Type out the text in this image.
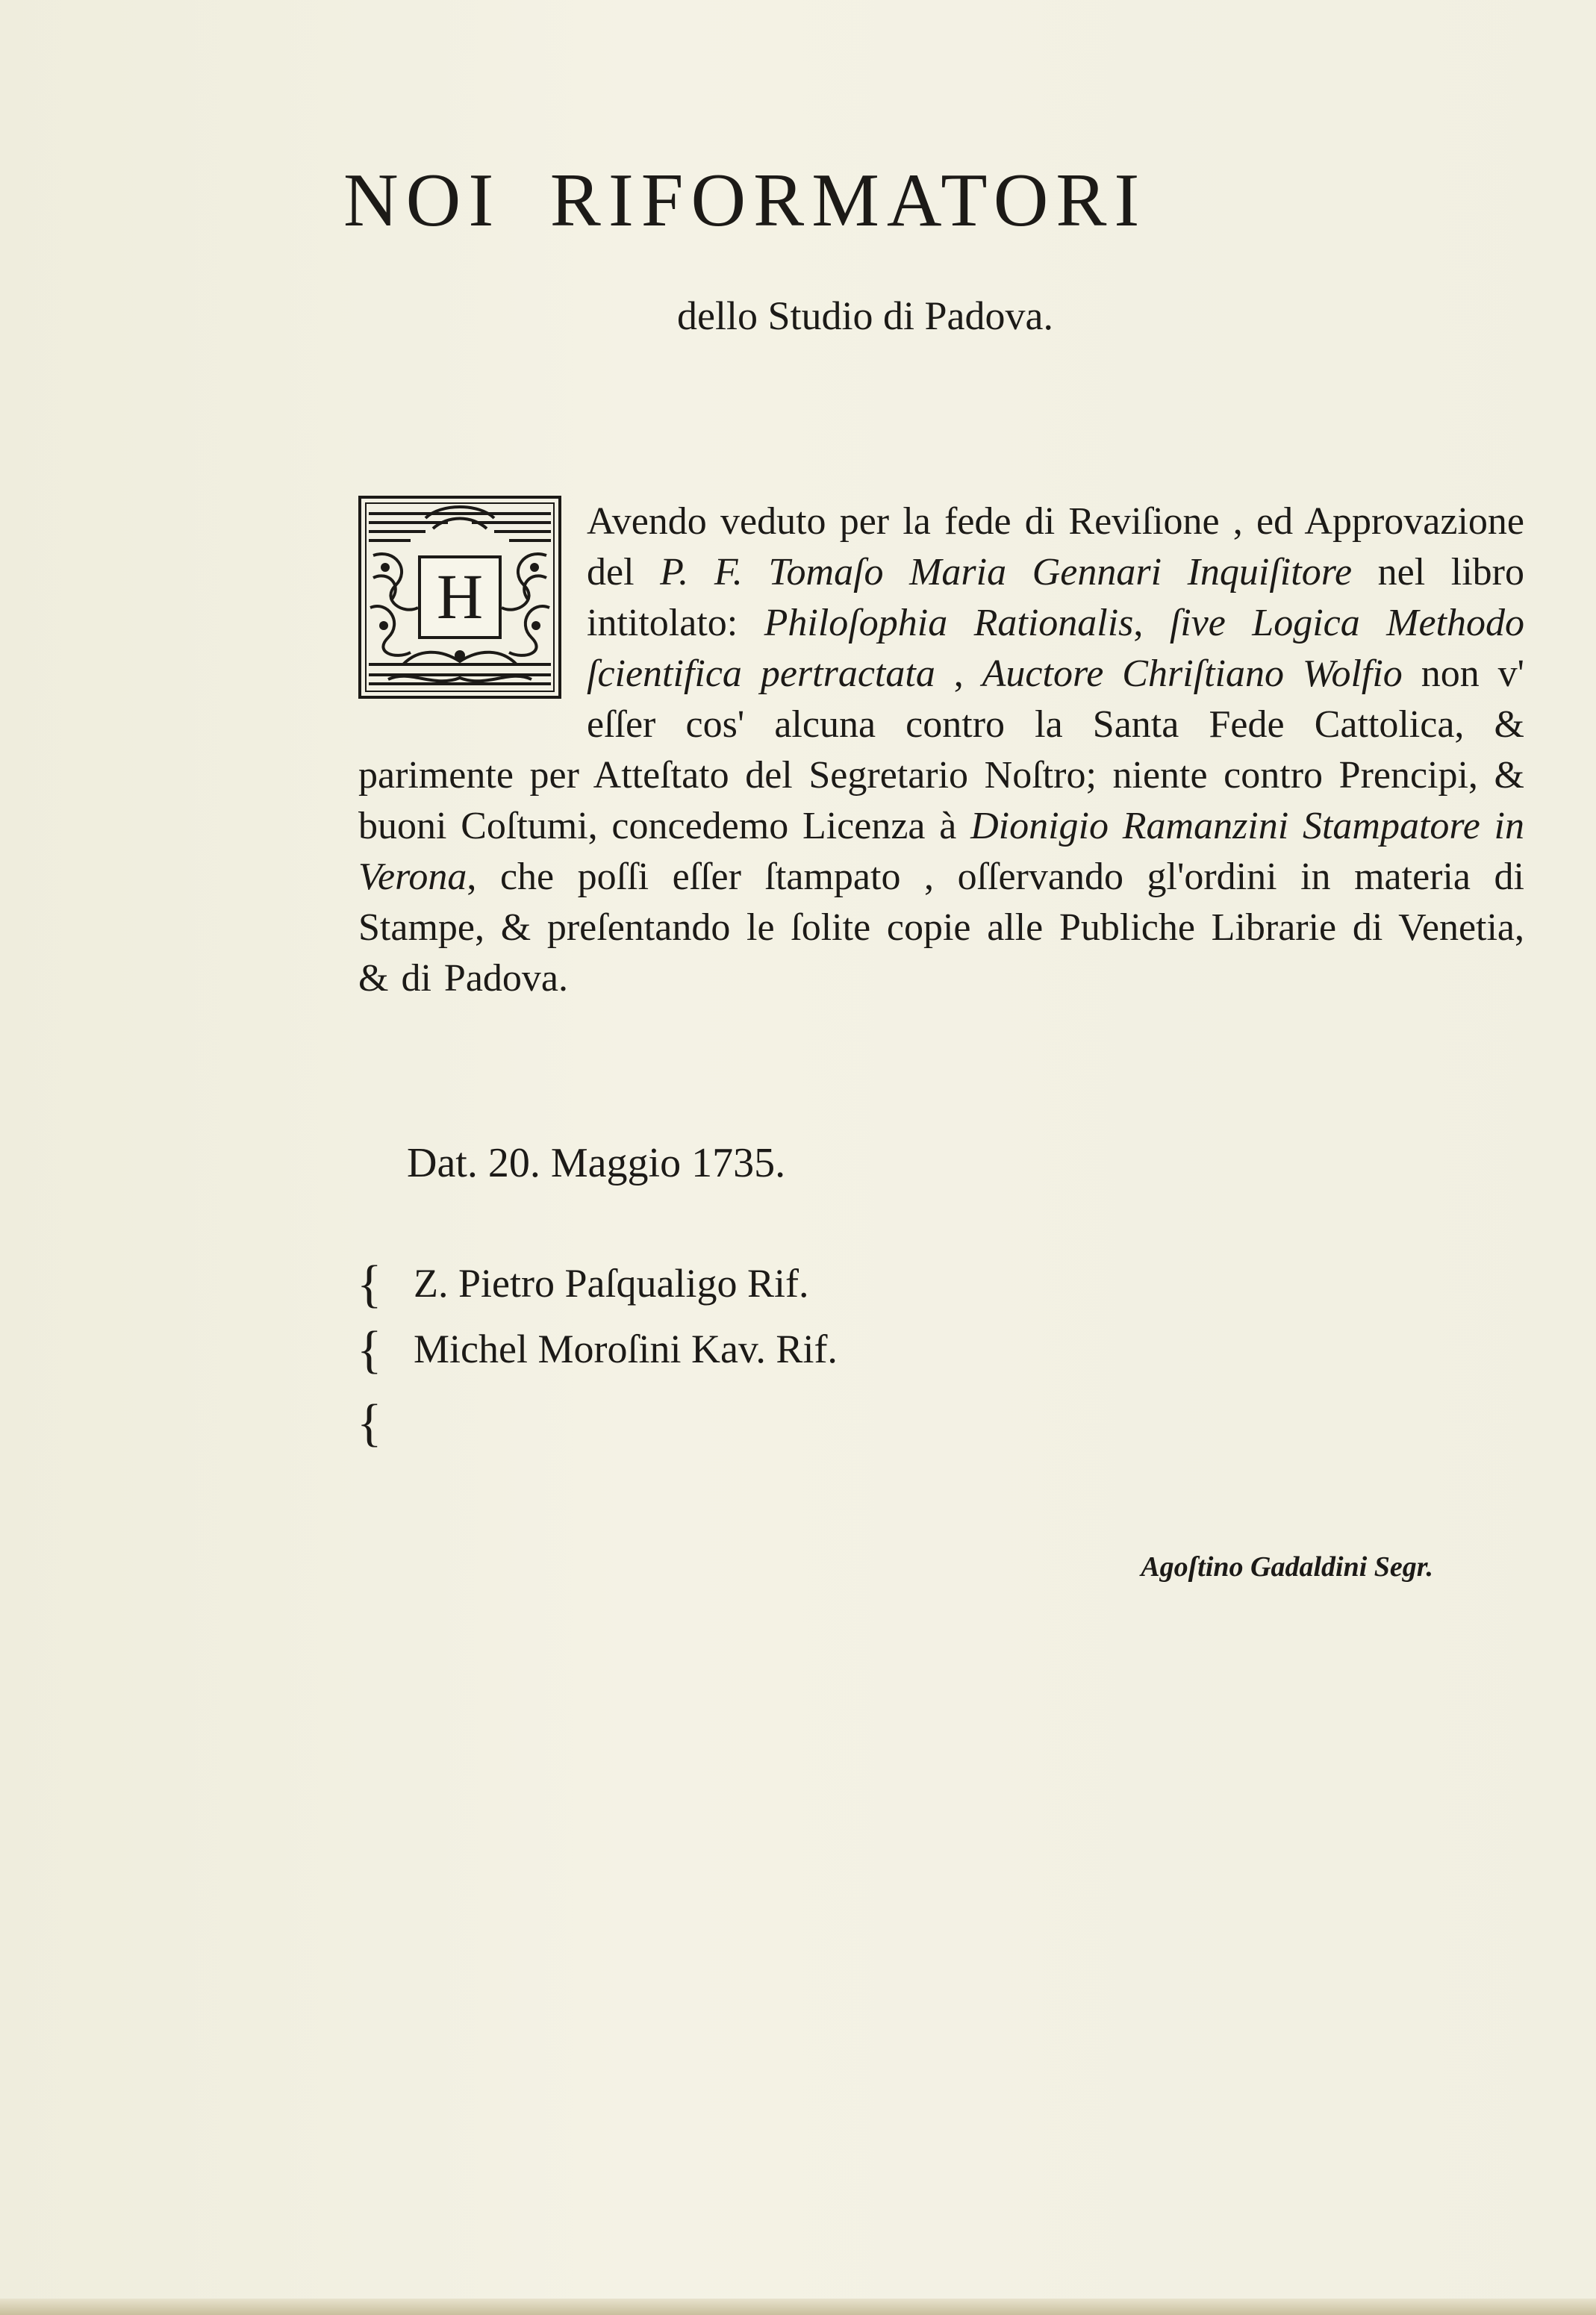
NOI RIFORMATORI
dello Studio di Padova.
H
Avendo veduto per la fede di Reviſione , ed Approvazione del P. F. Tomaſo Maria Gennari Inquiſitore nel libro intitolato: Philoſophia Rationalis, ſive Logica Methodo ſcientifica pertractata , Auctore Chriſtiano Wolfio non v' eſſer cos' alcuna contro la Santa Fede Cattolica, & parimente per Atteſtato del Segretario Noſtro; niente contro Prencipi, & buoni Coſtumi, concedemo Licenza à Dionigio Ramanzini Stampatore in Verona, che poſſi eſſer ſtampato , oſſervando gl'ordini in materia di Stampe, & preſentando le ſolite copie alle Publiche Librarie di Venetia, & di Padova.
Dat. 20. Maggio 1735.
{ Z. Pietro Paſqualigo Rif.
{ Michel Moroſini Kav. Rif.
{
Agoſtino Gadaldini Segr.
